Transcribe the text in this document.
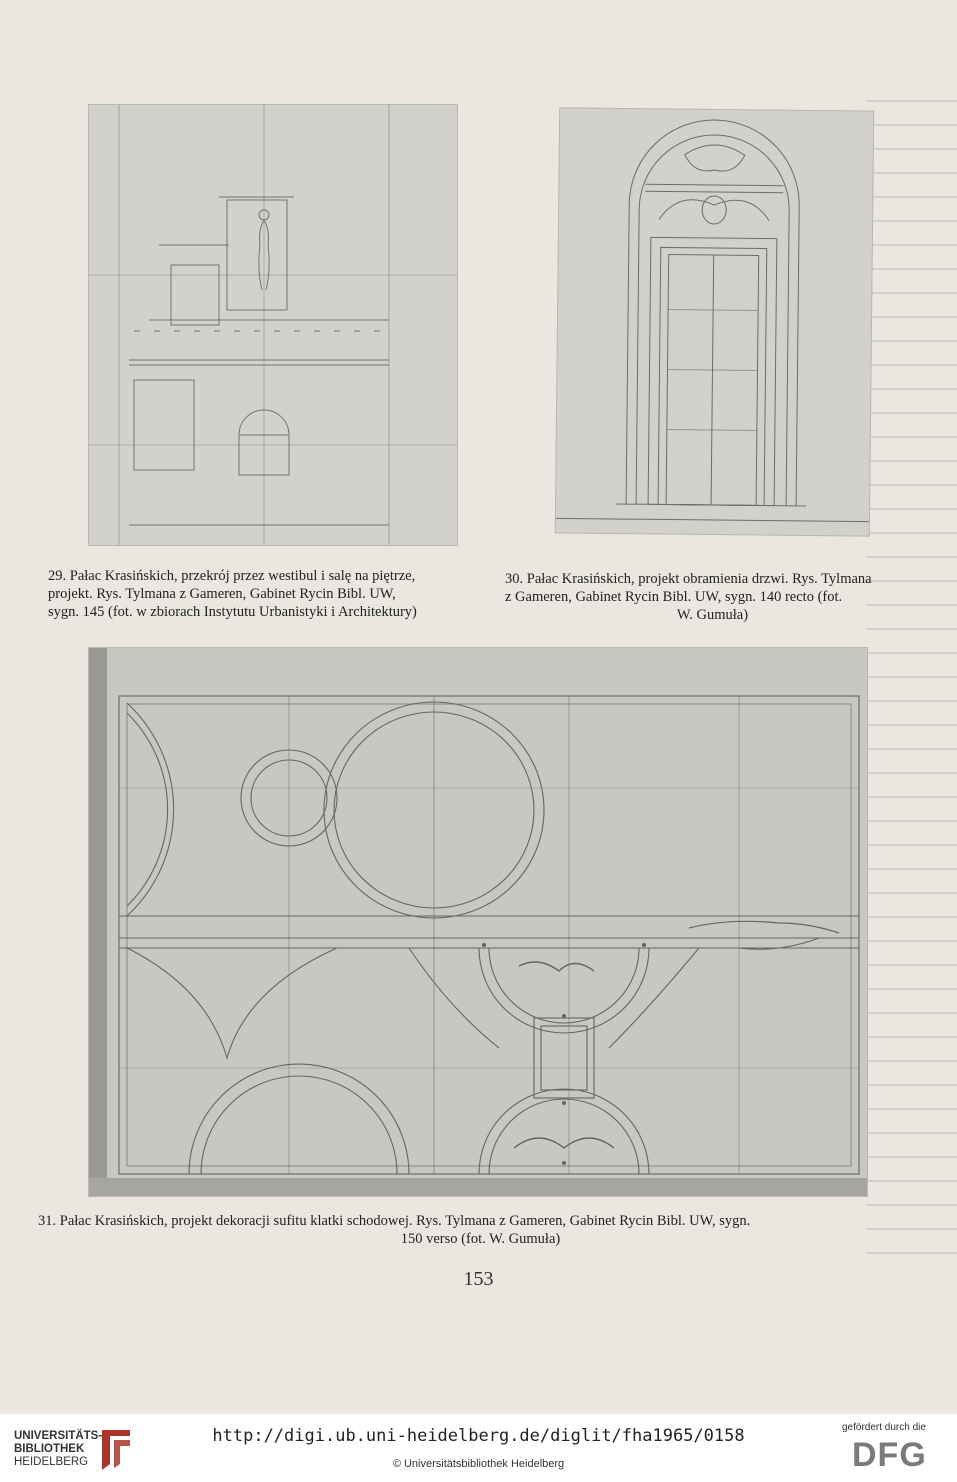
29. Pałac Krasińskich, przekrój przez westibul i salę na piętrze,
projekt. Rys. Tylmana z Gameren, Gabinet Rycin Bibl. UW,
sygn. 145 (fot. w zbiorach Instytutu Urbanistyki i Architektury)

30. Pałac Krasińskich, projekt obramienia drzwi. Rys. Tylmana
z Gameren, Gabinet Rycin Bibl. UW, sygn. 140 recto (fot.
W. Gumuła)

31. Pałac Krasińskich, projekt dekoracji sufitu klatki schodowej. Rys. Tylmana z Gameren, Gabinet Rycin Bibl. UW, sygn.
150 verso (fot. W. Gumuła)

153

UNIVERSITÄTS-
BIBLIOTHEK
HEIDELBERG
http://digi.ub.uni-heidelberg.de/diglit/fha1965/0158
© Universitätsbibliothek Heidelberg
gefördert durch die
DFG
